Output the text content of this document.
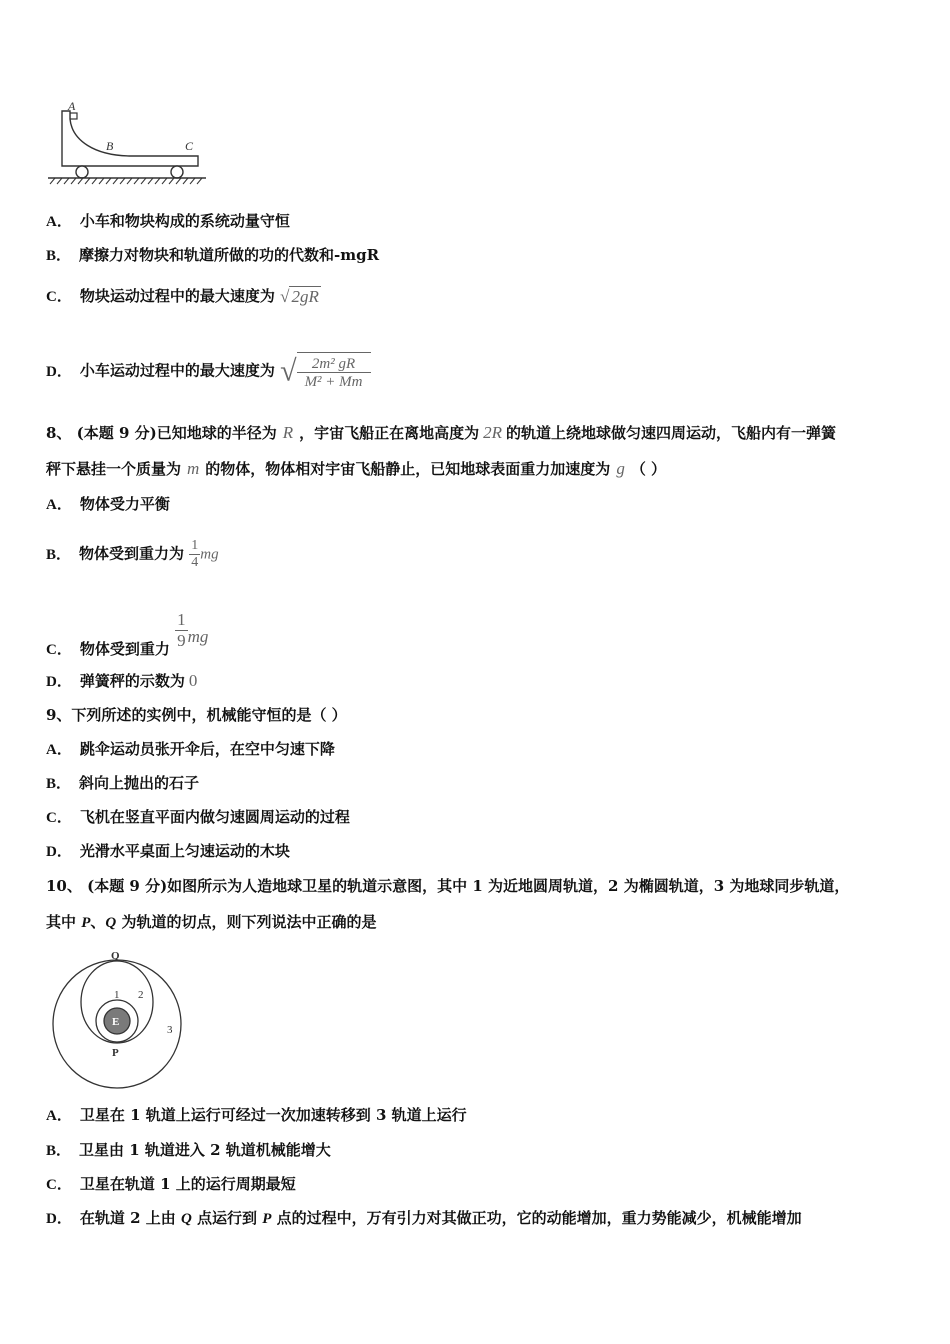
A
B	C
A． 小车和物块构成的系统动量守恒
B． 摩擦力对物块和轨道所做的功的代数和-mgR
C． 物块运动过程中的最大速度为 √ 2gR
D． 小车运动过程中的最大速度为 √ $\frac{\text{2m² gR}}{\text{M² + Mm}}$
8、 (本题 9 分)已知地球的半径为 R ，宇宙飞船正在离地高度为 2R 的轨道上绕地球做匀速四周运动，飞船内有一弹簧
秤下悬挂一个质量为 m 的物体，物体相对宇宙飞船静止，已知地球表面重力加速度为 g （ ）
A． 物体受力平衡
B． 物体受到重力为 $\frac{1}{4}$ mg
C． 物体受到重力 $\frac{1}{9}$ mg
D． 弹簧秤的示数为 0
9、下列所述的实例中，机械能守恒的是（ ）
A． 跳伞运动员张开伞后，在空中匀速下降
B． 斜向上抛出的石子
C． 飞机在竖直平面内做匀速圆周运动的过程
D． 光滑水平桌面上匀速运动的木块
10、 (本题 9 分)如图所示为人造地球卫星的轨道示意图，其中 1 为近地圆周轨道，2 为椭圆轨道，3 为地球同步轨道，
其中 P、Q 为轨道的切点，则下列说法中正确的是
Q
E
1 2
3
P
A． 卫星在 1 轨道上运行可经过一次加速转移到 3 轨道上运行
B． 卫星由 1 轨道进入 2 轨道机械能增大
C． 卫星在轨道 1 上的运行周期最短
D． 在轨道 2 上由 Q 点运行到 P 点的过程中，万有引力对其做正功，它的动能增加，重力势能减少，机械能增加
